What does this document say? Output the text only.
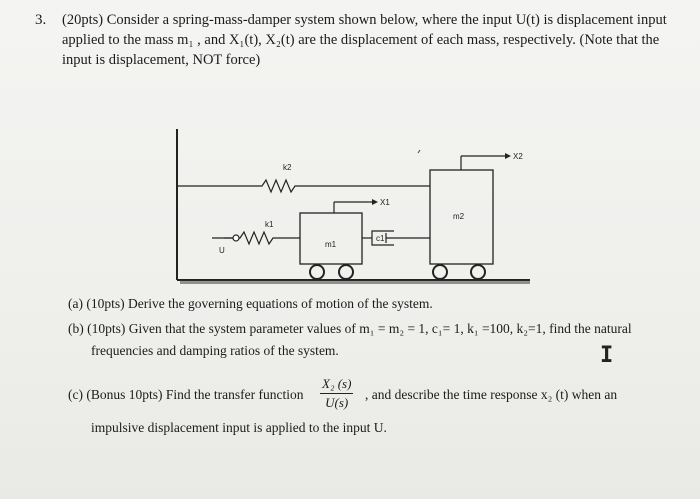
3. (20pts) Consider a spring-mass-damper system shown below, where the input U(t) is displacement input
applied to the mass m₁ , and X₁(t), X₂(t) are the displacement of each mass, respectively. (Note that the
input is displacement, NOT force)
k2
U
k1
m1
X1
c1
m2
X2
(a) (10pts) Derive the governing equations of motion of the system.
(b) (10pts) Given that the system parameter values of m₁ = m₂ = 1, c₁= 1, k₁ =100, k₂=1, find the natural
frequencies and damping ratios of the system.
(c) (Bonus 10pts) Find the transfer function $\frac{\text{X₂ (s)}}{U(s)}$ , and describe the time response x₂ (t) when an
impulsive displacement input is applied to the input U.
I
